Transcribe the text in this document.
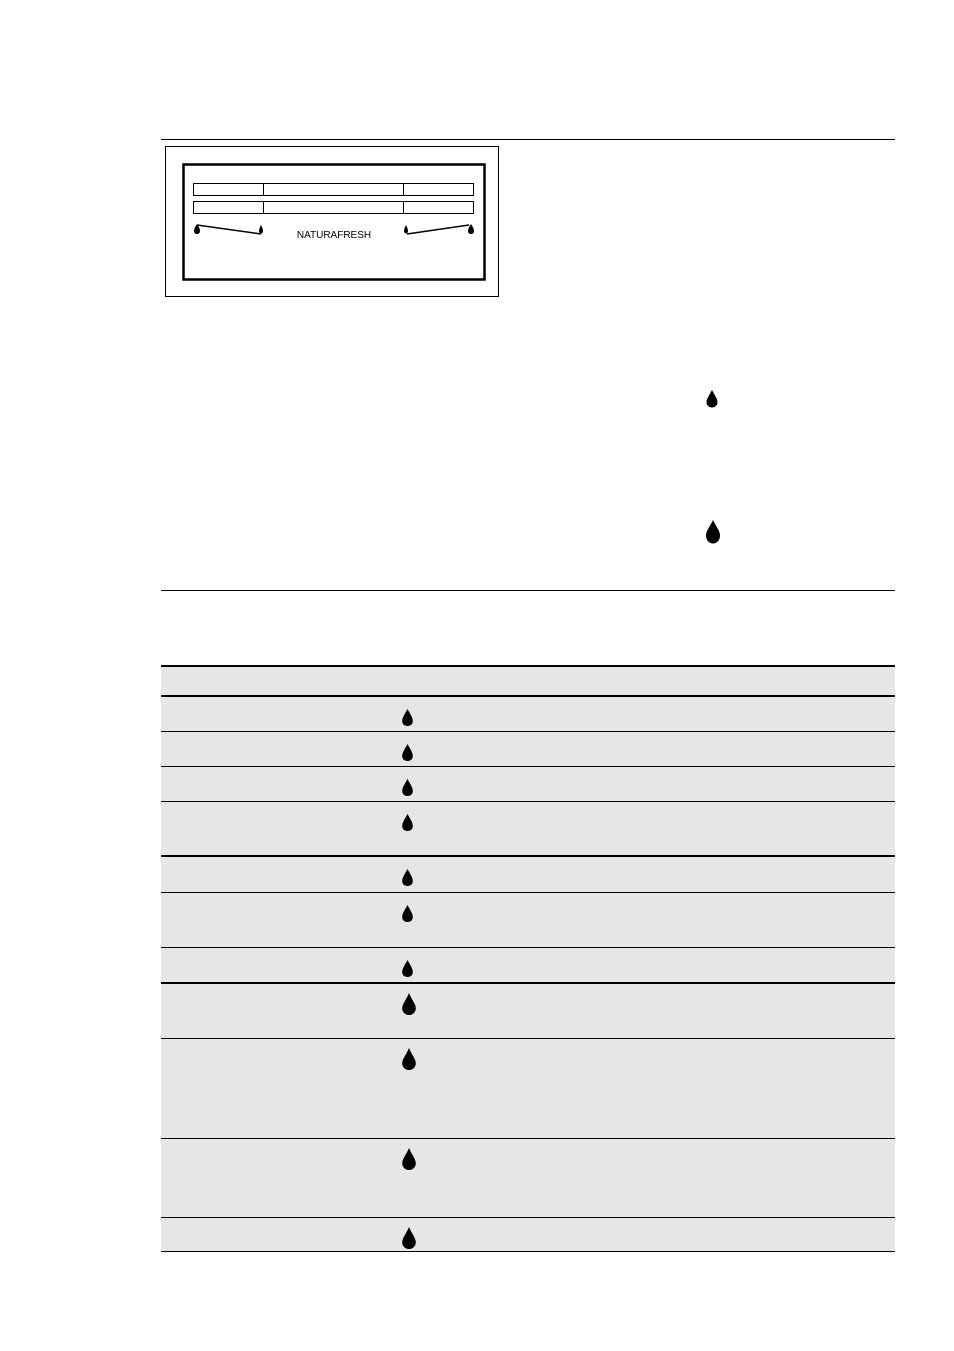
NATURAFRESH
